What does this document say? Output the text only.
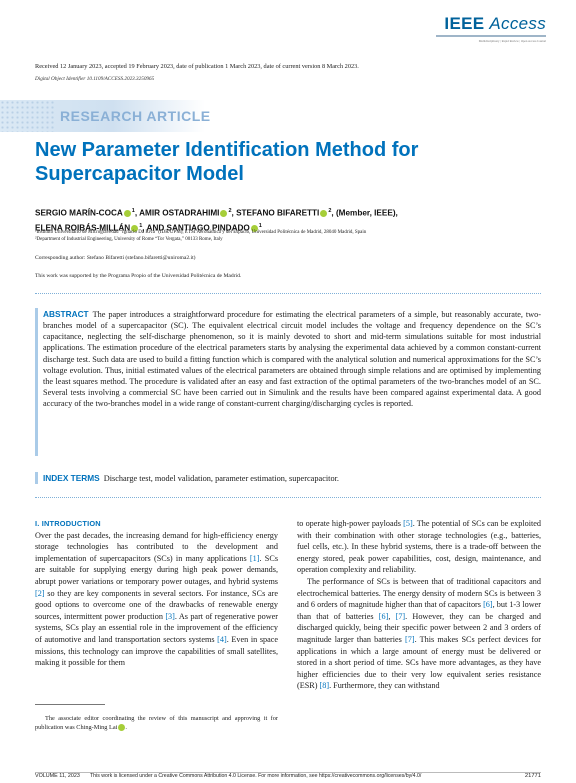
IEEE Access
Multidisciplinary | Rapid Review | Open Access Journal
Received 12 January 2023, accepted 19 February 2023, date of publication 1 March 2023, date of current version 8 March 2023.
Digital Object Identifier 10.1109/ACCESS.2023.3250965
RESEARCH ARTICLE
New Parameter Identification Method for Supercapacitor Model
SERGIO MARÍN-COCA $^1$, AMIR OSTADRAHIMI $^2$, STEFANO BIFARETTI $^2$, (Member, IEEE),
ELENA ROIBÁS-MILLÁN $^1$, AND SANTIAGO PINDADO $^1$
¹Instituto Universitario de Microgravedad “Ignacio Da Riva” (IDR/UPM), ETSI Aeronáutica y del Espacio, Universidad Politécnica de Madrid, 28040 Madrid, Spain
²Department of Industrial Engineering, University of Rome “Tor Vergata,” 00133 Rome, Italy
Corresponding author: Stefano Bifaretti (stefano.bifaretti@uniroma2.it)
This work was supported by the Programa Propio of the Universidad Politécnica de Madrid.
ABSTRACT The paper introduces a straightforward procedure for estimating the electrical parameters of a simple, but reasonably accurate, two-branches model of a supercapacitor (SC). The equivalent electrical circuit model includes the voltage and frequency dependence on the SC’s capacitance, neglecting the self-discharge phenomenon, so it is mainly devoted to short and mid-term simulations suitable for most industrial applications. The estimation procedure of the electrical parameters starts by analysing the experimental data achieved by a common constant-current discharge test. Such data are used to build a fitting function which is compared with the analytical solution and numerical approximations for the SC’s voltage evolution. Thus, initial estimated values of the electrical parameters are obtained through simple relations and are optimised by implementing the least squares method. The procedure is validated after an easy and fast extraction of the optimal parameters of the two-branches model of an SC. Several tests involving a commercial SC have been carried out in Simulink and the results have been compared against experimental data. A good accuracy of the two-branches model in a wide range of constant-current charging/discharging cycles is reported.
INDEX TERMS Discharge test, model validation, parameter estimation, supercapacitor.
I. INTRODUCTION

Over the past decades, the increasing demand for high-efficiency energy storage technologies has contributed to the development and implementation of supercapacitors (SCs) in many applications [1]. SCs are suitable for supplying energy during high peak power demands, abrupt power variations or temporary power outages, and hybrid systems [2] so they are key components in several sectors. For instance, SCs are good options to overcome one of the drawbacks of renewable energy sources, intermittent power production [3]. As part of regenerative power systems, SCs play an essential role in the improvement of the efficiency of automotive and land transportation sectors systems [4]. Even in space missions, this technology can improve the capabilities of small satellites, making it possible for them

to operate high-power payloads [5]. The potential of SCs can be exploited with their combination with other storage technologies (e.g., batteries, fuel cells, etc.). In these hybrid systems, there is a trade-off between the energy stored, peak power capabilities, cost, design, maintenance, and operation complexity and reliability.

The performance of SCs is between that of traditional capacitors and electrochemical batteries. The energy density of modern SCs is between 3 and 6 orders of magnitude higher than that of capacitors [6], but 1-3 lower than that of batteries [6], [7]. However, they can be charged and discharged quickly, being their specific power between 2 and 3 orders of magnitude larger than batteries [7]. This makes SCs perfect devices for applications in which a large amount of energy must be delivered or stored in a short period of time. SCs have more advantages, as they have higher efficiencies due to their very low equivalent series resistance (ESR) [8]. Furthermore, they can withstand

The associate editor coordinating the review of this manuscript and approving it for publication was Ching-Ming Lai .
VOLUME 11, 2023 This work is licensed under a Creative Commons Attribution 4.0 License. For more information, see https://creativecommons.org/licenses/by/4.0/	21771
